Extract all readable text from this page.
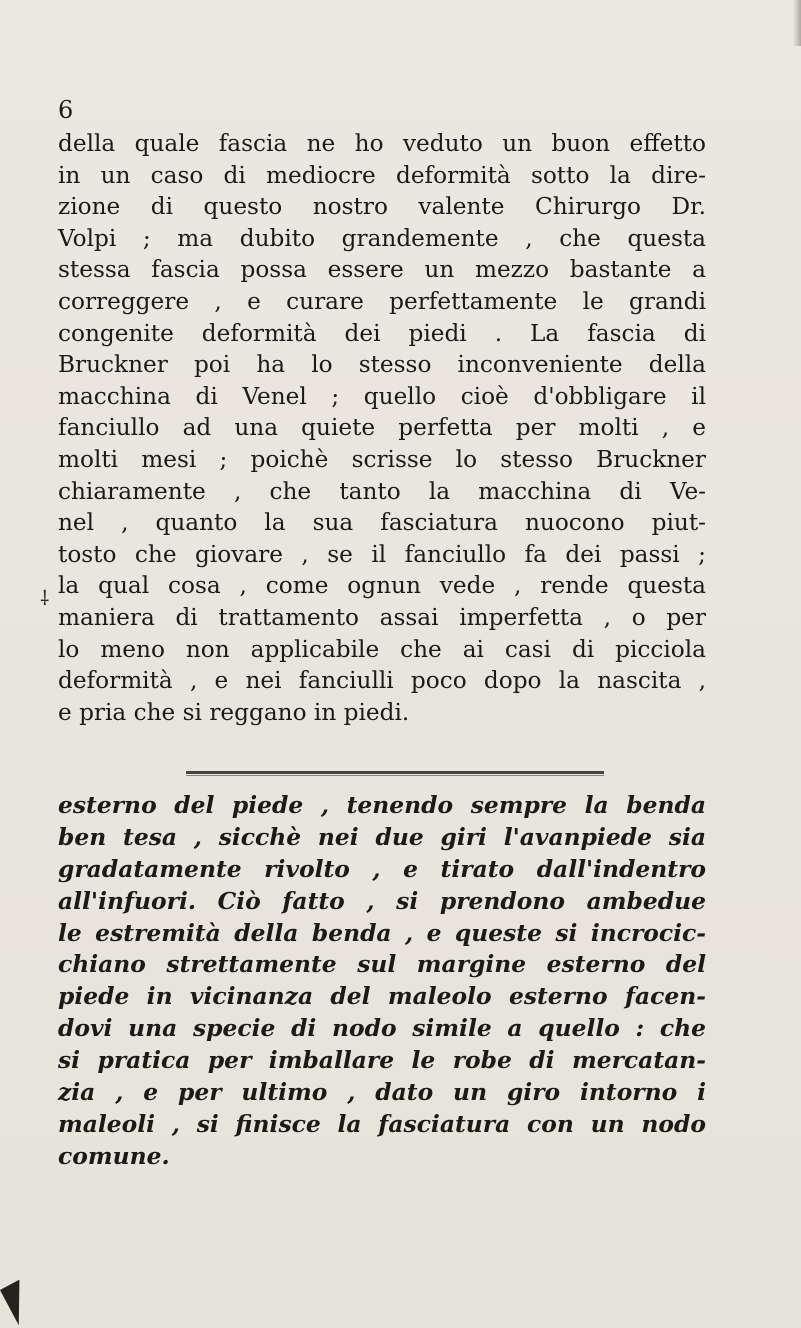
6
della quale fascia ne ho veduto un buon effetto
in un caso di mediocre deformità sotto la dire-
zione di questo nostro valente Chirurgo Dr.
Volpi ; ma dubito grandemente , che questa
stessa fascia possa essere un mezzo bastante a
correggere , e curare perfettamente le grandi
congenite deformità dei piedi . La fascia di
Bruckner poi ha lo stesso inconveniente della
macchina di Venel ; quello cioè d'obbligare il
fanciullo ad una quiete perfetta per molti , e
molti mesi ; poichè scrisse lo stesso Bruckner
chiaramente , che tanto la macchina di Ve-
nel , quanto la sua fasciatura nuocono piut-
tosto che giovare , se il fanciullo fa dei passi ;
la qual cosa , come ognun vede , rende questa
maniera di trattamento assai imperfetta , o per
lo meno non applicabile che ai casi di picciola
deformità , e nei fanciulli poco dopo la nascita ,
e pria che si reggano in piedi.
⸸
esterno del piede , tenendo sempre la benda
ben tesa , sicchè nei due giri l'avanpiede sia
gradatamente rivolto , e tirato dall'indentro
all'infuori. Ciò fatto , si prendono ambedue
le estremità della benda , e queste si incrocic-
chiano strettamente sul margine esterno del
piede in vicinanza del maleolo esterno facen-
dovi una specie di nodo simile a quello : che
si pratica per imballare le robe di mercatan-
zia , e per ultimo , dato un giro intorno i
maleoli , si finisce la fasciatura con un nodo
comune.
